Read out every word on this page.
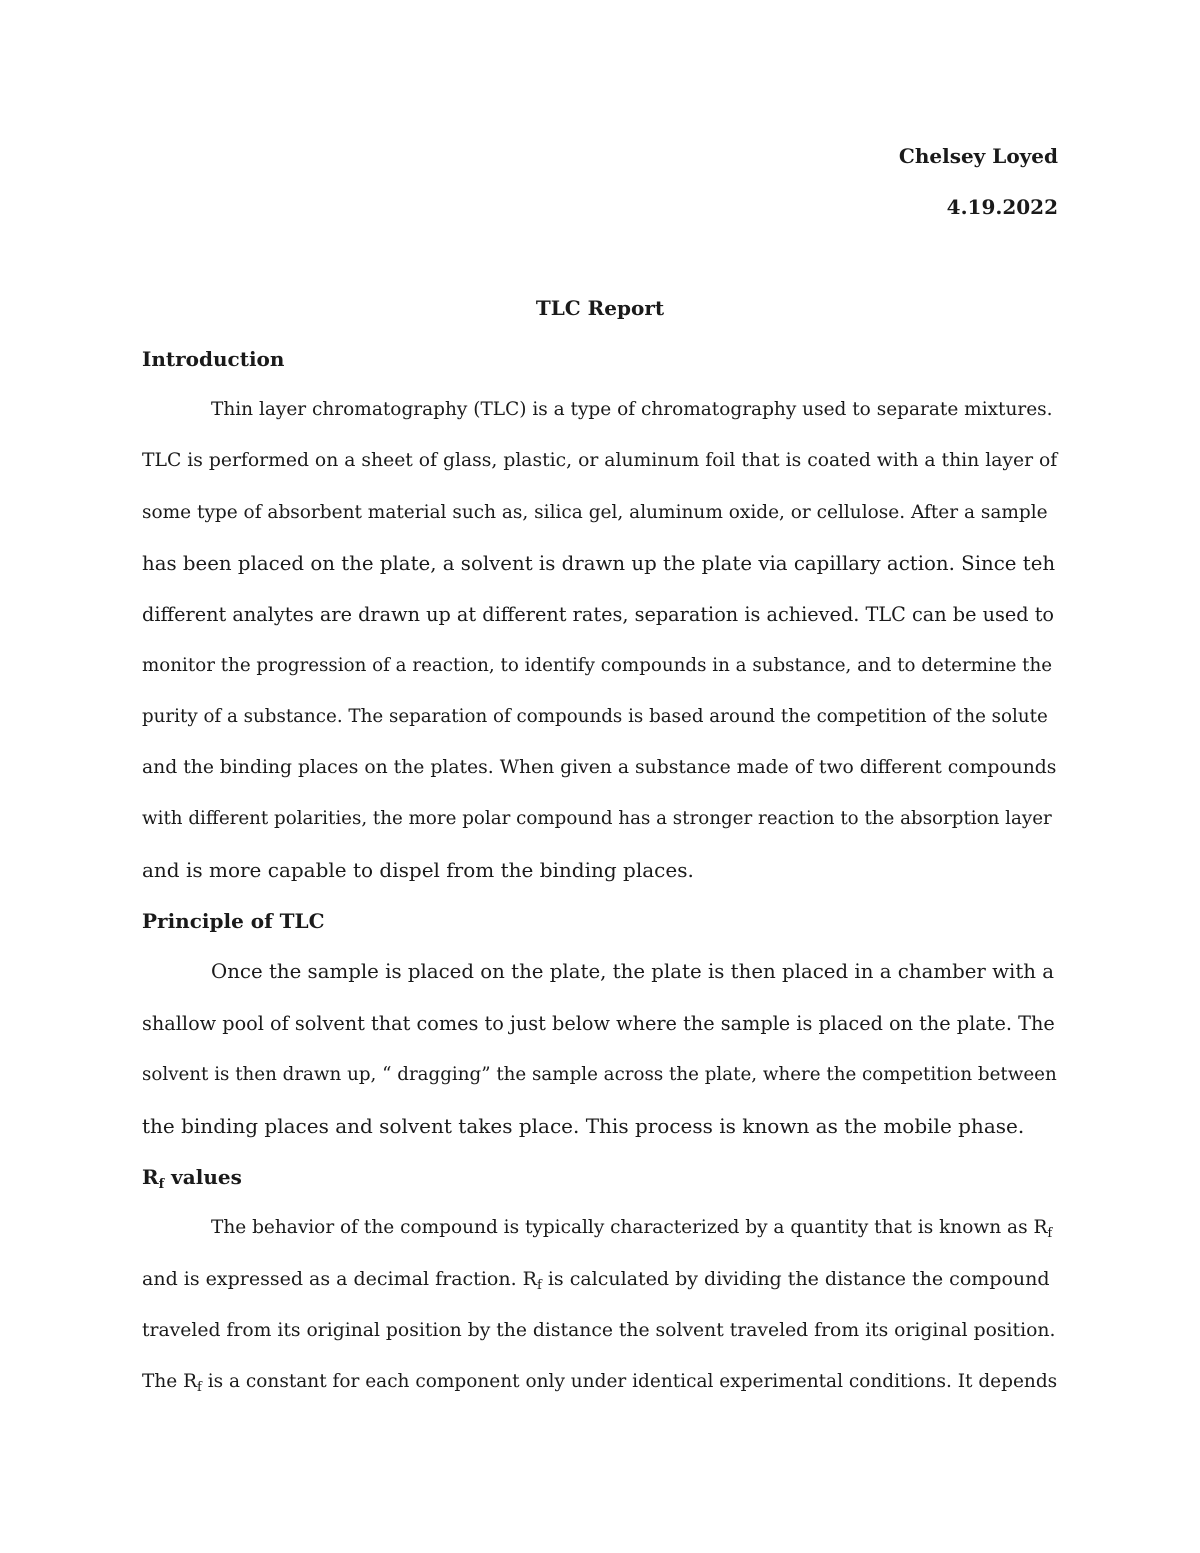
Chelsey Loyed
4.19.2022
TLC Report
Introduction
Thin layer chromatography (TLC) is a type of chromatography used to separate mixtures.
TLC is performed on a sheet of glass, plastic, or aluminum foil that is coated with a thin layer of
some type of absorbent material such as, silica gel, aluminum oxide, or cellulose. After a sample
has been placed on the plate, a solvent is drawn up the plate via capillary action. Since teh
different analytes are drawn up at different rates, separation is achieved. TLC can be used to
monitor the progression of a reaction, to identify compounds in a substance, and to determine the
purity of a substance. The separation of compounds is based around the competition of the solute
and the binding places on the plates. When given a substance made of two different compounds
with different polarities, the more polar compound has a stronger reaction to the absorption layer
and is more capable to dispel from the binding places.
Principle of TLC
Once the sample is placed on the plate, the plate is then placed in a chamber with a
shallow pool of solvent that comes to just below where the sample is placed on the plate. The
solvent is then drawn up, “ dragging” the sample across the plate, where the competition between
the binding places and solvent takes place. This process is known as the mobile phase.
$R_f$ values
The behavior of the compound is typically characterized by a quantity that is known as $R_f$
and is expressed as a decimal fraction. $R_f$ is calculated by dividing the distance the compound
traveled from its original position by the distance the solvent traveled from its original position.
The $R_f$ is a constant for each component only under identical experimental conditions. It depends
